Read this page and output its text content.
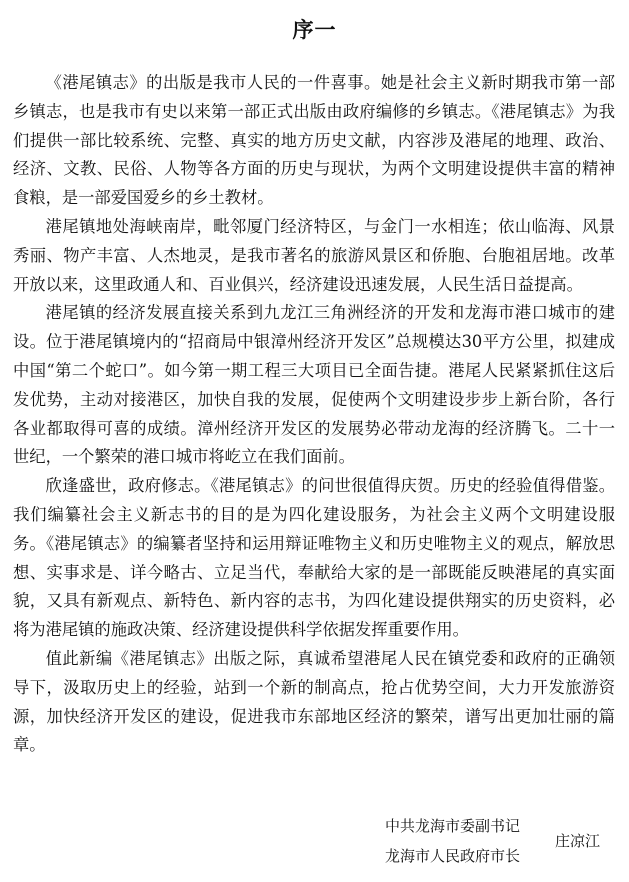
序一

《港尾镇志》的出版是我市人民的一件喜事。她是社会主义新时期我市第一部乡镇志，也是我市有史以来第一部正式出版由政府编修的乡镇志。《港尾镇志》为我们提供一部比较系统、完整、真实的地方历史文献，内容涉及港尾的地理、政治、经济、文教、民俗、人物等各方面的历史与现状，为两个文明建设提供丰富的精神食粮，是一部爱国爱乡的乡土教材。

港尾镇地处海峡南岸，毗邻厦门经济特区，与金门一水相连；依山临海、风景秀丽、物产丰富、人杰地灵，是我市著名的旅游风景区和侨胞、台胞祖居地。改革开放以来，这里政通人和、百业俱兴，经济建设迅速发展，人民生活日益提高。

港尾镇的经济发展直接关系到九龙江三角洲经济的开发和龙海市港口城市的建设。位于港尾镇境内的“招商局中银漳州经济开发区”总规模达30平方公里，拟建成中国“第二个蛇口”。如今第一期工程三大项目已全面告捷。港尾人民紧紧抓住这后发优势，主动对接港区，加快自我的发展，促使两个文明建设步步上新台阶，各行各业都取得可喜的成绩。漳州经济开发区的发展势必带动龙海的经济腾飞。二十一世纪，一个繁荣的港口城市将屹立在我们面前。

欣逢盛世，政府修志。《港尾镇志》的问世很值得庆贺。历史的经验值得借鉴。我们编纂社会主义新志书的目的是为四化建设服务，为社会主义两个文明建设服务。《港尾镇志》的编纂者坚持和运用辩证唯物主义和历史唯物主义的观点，解放思想、实事求是、详今略古、立足当代，奉献给大家的是一部既能反映港尾的真实面貌，又具有新观点、新特色、新内容的志书，为四化建设提供翔实的历史资料，必将为港尾镇的施政决策、经济建设提供科学依据发挥重要作用。

值此新编《港尾镇志》出版之际，真诚希望港尾人民在镇党委和政府的正确领导下，汲取历史上的经验，站到一个新的制高点，抢占优势空间，大力开发旅游资源，加快经济开发区的建设，促进我市东部地区经济的繁荣，谱写出更加壮丽的篇章。

中共龙海市委副书记
龙海市人民政府市长
庄凉江
